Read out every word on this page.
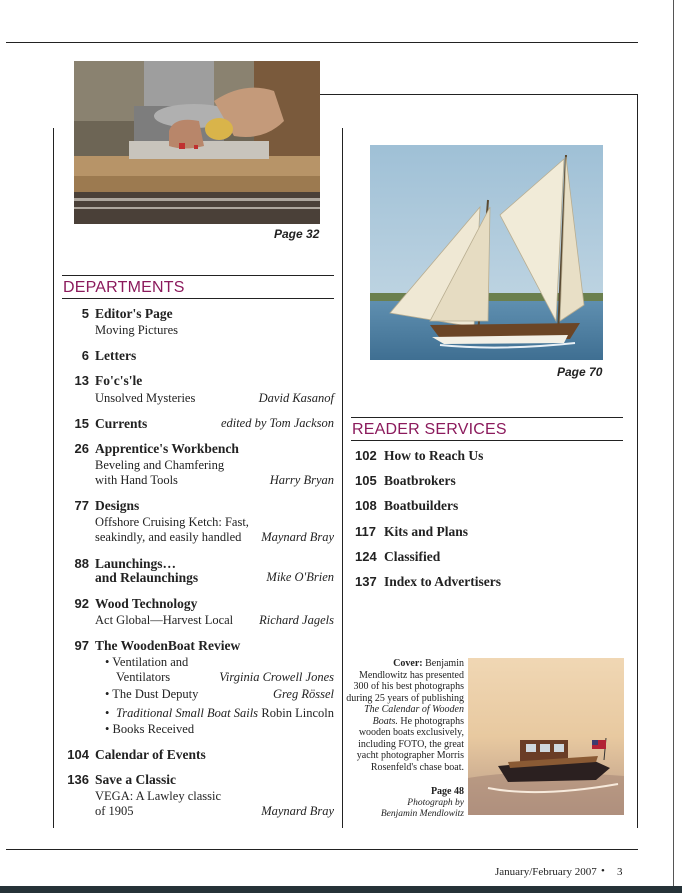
Page 32
Page 70
DEPARTMENTS
5 Editor's Page
Moving Pictures
6 Letters
13 Fo'c's'le
Unsolved Mysteries	David Kasanof
15 Currents	edited by Tom Jackson
26 Apprentice's Workbench
Beveling and Chamfering
with Hand Tools	Harry Bryan
77 Designs
Offshore Cruising Ketch: Fast,
seakindly, and easily handled	Maynard Bray
88 Launchings…
and Relaunchings	Mike O'Brien
92 Wood Technology
Act Global—Harvest Local	Richard Jagels
97 The WoodenBoat Review
• Ventilation and
Ventilators	Virginia Crowell Jones
• The Dust Deputy	Greg Rössel
• Traditional Small Boat Sails Robin Lincoln
• Books Received
104 Calendar of Events
136 Save a Classic
VEGA: A Lawley classic
of 1905	Maynard Bray
READER SERVICES
102 How to Reach Us
105 Boatbrokers
108 Boatbuilders
117 Kits and Plans
124 Classified
137 Index to Advertisers
Cover: Benjamin Mendlowitz has presented 300 of his best photographs during 25 years of publishing The Calendar of Wooden Boats. He photographs wooden boats exclusively, including FOTO, the great yacht photographer Morris Rosenfeld's chase boat.
Page 48
Photograph by
Benjamin Mendlowitz
January/February 2007 • 3
